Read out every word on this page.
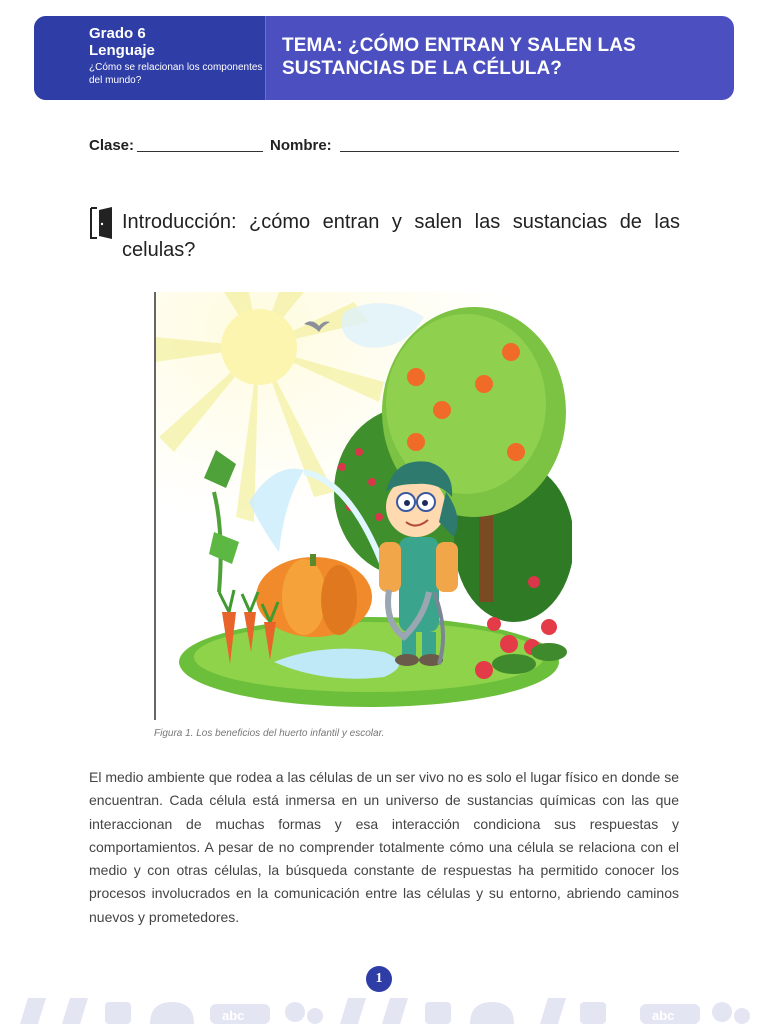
Grado 6
Lenguaje
¿Cómo se relacionan los componentes del mundo?
TEMA: ¿CÓMO ENTRAN Y SALEN LAS
SUSTANCIAS DE LA CÉLULA?
Clase:	Nombre:
Introducción: ¿cómo entran y salen las sustancias de las celulas?
Figura 1. Los beneficios del huerto infantil y escolar.
El medio ambiente que rodea a las células de un ser vivo no es solo el lugar físico en donde se encuentran. Cada célula está inmersa en un universo de sustancias químicas con las que interaccionan de muchas formas y esa interacción condiciona sus respuestas y comportamientos. A pesar de no comprender totalmente cómo una célula se relaciona con el medio y con otras células, la búsqueda constante de respuestas ha permitido conocer los procesos involucrados en la comunicación entre las células y su entorno, abriendo caminos nuevos y prometedores.
1
abc	abc
